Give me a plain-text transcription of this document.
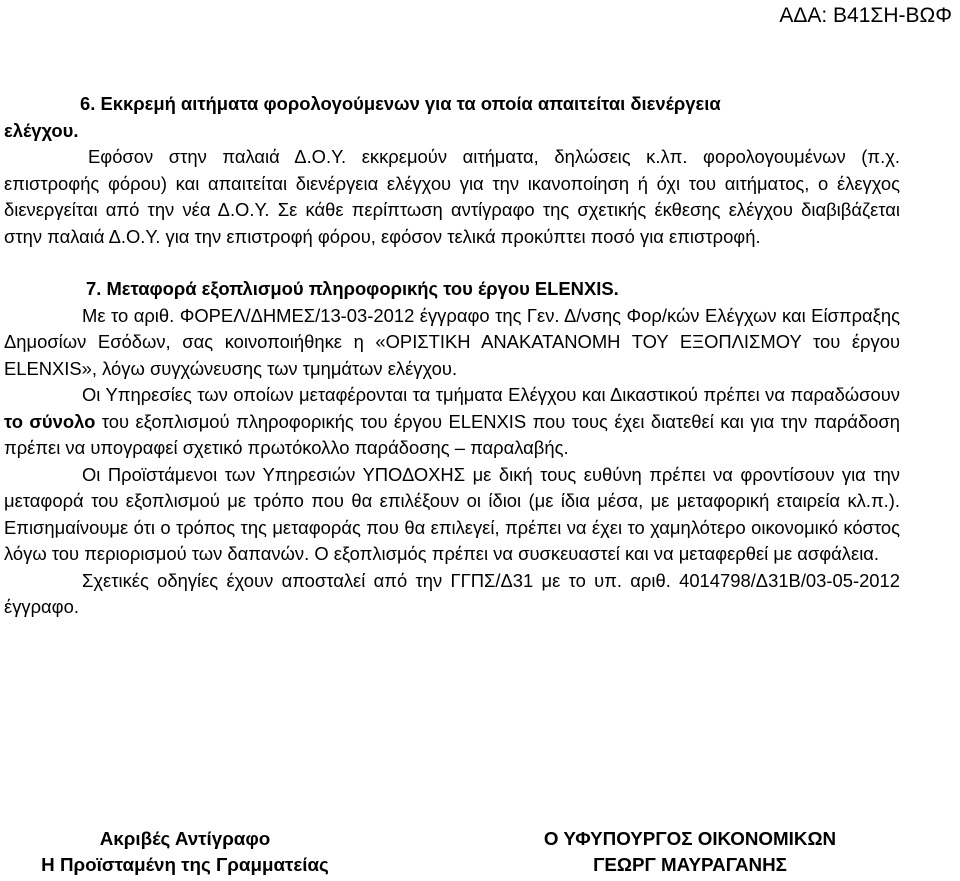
ΑΔΑ: Β41ΣΗ-ΒΩΦ
6. Εκκρεμή αιτήματα φορολογούμενων για τα οποία απαιτείται διενέργεια
ελέγχου.

Εφόσον στην παλαιά Δ.Ο.Υ. εκκρεμούν αιτήματα, δηλώσεις κ.λπ. φορολογουμένων (π.χ. επιστροφής φόρου) και απαιτείται διενέργεια ελέγχου για την ικανοποίηση ή όχι του αιτήματος, ο έλεγχος διενεργείται από την νέα Δ.Ο.Υ. Σε κάθε περίπτωση αντίγραφο της σχετικής έκθεσης ελέγχου διαβιβάζεται στην παλαιά Δ.Ο.Υ. για την επιστροφή φόρου, εφόσον τελικά προκύπτει ποσό για επιστροφή.

7. Μεταφορά εξοπλισμού πληροφορικής του έργου ELENXIS.

Με το αριθ. ΦΟΡΕΛ/ΔΗΜΕΣ/13-03-2012 έγγραφο της Γεν. Δ/νσης Φορ/κών Ελέγχων και Είσπραξης Δημοσίων Εσόδων, σας κοινοποιήθηκε η «ΟΡΙΣΤΙΚΗ ΑΝΑΚΑΤΑΝΟΜΗ ΤΟΥ ΕΞΟΠΛΙΣΜΟΥ του έργου ELENXIS», λόγω συγχώνευσης των τμημάτων ελέγχου.

Οι Υπηρεσίες των οποίων μεταφέρονται τα τμήματα Ελέγχου και Δικαστικού πρέπει να παραδώσουν το σύνολο του εξοπλισμού πληροφορικής του έργου ELENXIS που τους έχει διατεθεί και για την παράδοση πρέπει να υπογραφεί σχετικό πρωτόκολλο παράδοσης – παραλαβής.

Οι Προϊστάμενοι των Υπηρεσιών ΥΠΟΔΟΧΗΣ με δική τους ευθύνη πρέπει να φροντίσουν για την μεταφορά του εξοπλισμού με τρόπο που θα επιλέξουν οι ίδιοι (με ίδια μέσα, με μεταφορική εταιρεία κλ.π.). Επισημαίνουμε ότι ο τρόπος της μεταφοράς που θα επιλεγεί, πρέπει να έχει το χαμηλότερο οικονομικό κόστος λόγω του περιορισμού των δαπανών. Ο εξοπλισμός πρέπει να συσκευαστεί και να μεταφερθεί με ασφάλεια.

Σχετικές οδηγίες έχουν αποσταλεί από την ΓΓΠΣ/Δ31 με το υπ. αριθ. 4014798/Δ31Β/03-05-2012 έγγραφο.

Ακριβές Αντίγραφο
Η Προϊσταμένη της Γραμματείας
Ο ΥΦΥΠΟΥΡΓΟΣ ΟΙΚΟΝΟΜΙΚΩΝ
ΓΕΩΡΓ ΜΑΥΡΑΓΑΝΗΣ
